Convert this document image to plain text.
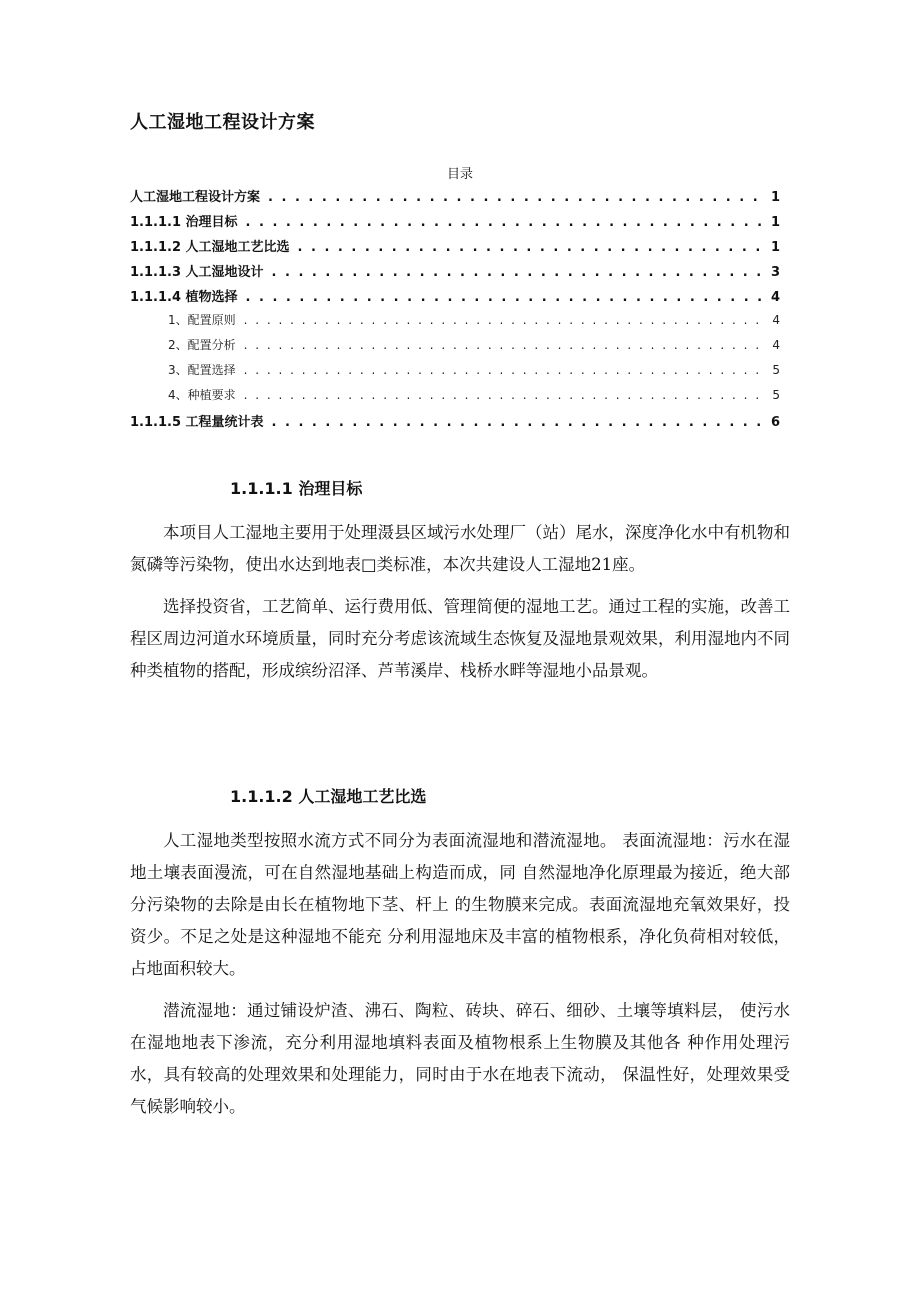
人工湿地工程设计方案
目录
人工湿地工程设计方案 . . .	1
1.1.1.1 治理目标 . . .	1
1.1.1.2 人工湿地工艺比选 . . .	1
1.1.1.3 人工湿地设计 . . .	3
1.1.1.4 植物选择 . . .	4
1、配置原则 . . .	4
2、配置分析 . . .	4
3、配置选择 . . .	5
4、种植要求 . . .	5
1.1.1.5 工程量统计表 . . .	6
1.1.1.1 治理目标

本项目人工湿地主要用于处理滠县区域污水处理厂（站）尾水，深度净化水中有机物和氮磷等污染物，使出水达到地表□类标准，本次共建设人工湿地21座。

选择投资省，工艺简单、运行费用低、管理简便的湿地工艺。通过工程的实施，改善工程区周边河道水环境质量，同时充分考虑该流域生态恢复及湿地景观效果，利用湿地内不同种类植物的搭配，形成缤纷沼泽、芦苇溪岸、栈桥水畔等湿地小品景观。

1.1.1.2 人工湿地工艺比选

人工湿地类型按照水流方式不同分为表面流湿地和潜流湿地。 表面流湿地：污水在湿地土壤表面漫流，可在自然湿地基础上构造而成，同 自然湿地净化原理最为接近，绝大部分污染物的去除是由长在植物地下茎、杆上 的生物膜来完成。表面流湿地充氧效果好，投资少。不足之处是这种湿地不能充 分利用湿地床及丰富的植物根系，净化负荷相对较低，占地面积较大。

潜流湿地：通过铺设炉渣、沸石、陶粒、砖块、碎石、细砂、土壤等填料层， 使污水在湿地地表下渗流，充分利用湿地填料表面及植物根系上生物膜及其他各 种作用处理污水，具有较高的处理效果和处理能力，同时由于水在地表下流动， 保温性好，处理效果受气候影响较小。
